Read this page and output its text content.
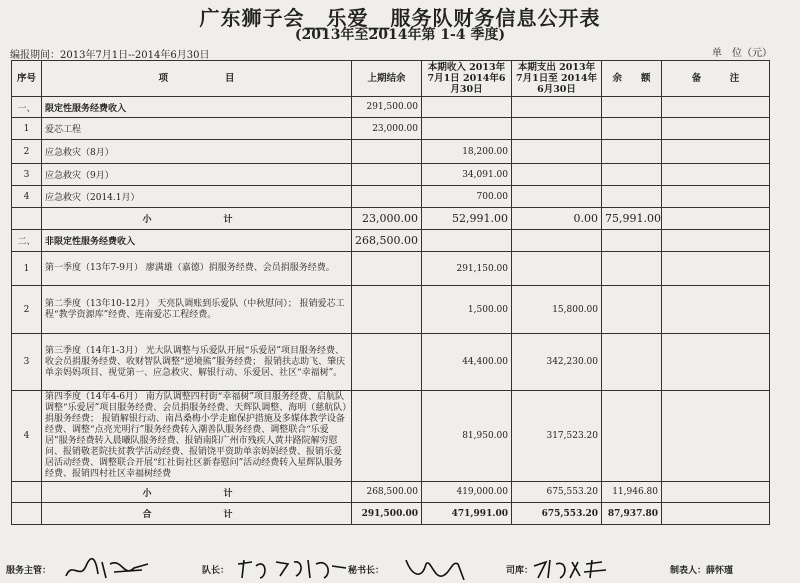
广东狮子会__乐爱__服务队财务信息公开表
(2013年至2014年第 1-4 季度)
编报期间：2013年7月1日--2014年6月30日	单　位（元）
序号	项　　　　　　目	上期结余	本期收入 2013年7月1日 2014年6月30日	本期支出 2013年7月1日至 2014年6月30日	余　　额	备　　　注
一、	限定性服务经费收入	291,500.00				
1	爱芯工程	23,000.00				
2	应急救灾（8月）		18,200.00			
3	应急救灾（9月）		34,091.00			
4	应急救灾（2014.1月）		700.00			
	小　　计	23,000.00	52,991.00	0.00	75,991.00	
二、	非限定性服务经费收入	268,500.00				
1	第一季度（13年7-9月） 廖满雄（嘉德）捐服务经费、会员捐服务经费。		291,150.00			
2	第二季度（13年10-12月） 天亮队调账到乐爱队（中秋慰问）； 报销爱芯工程“教学资源库”经费、连南爱芯工程经费。		1,500.00	15,800.00		
3	第三季度（14年1-3月） 光大队调整与乐爱队开展“乐爱居”项目服务经费、收会员捐服务经费、收财智队调整“逆境熊”服务经费； 报销扶志助飞、肇庆单亲妈妈项目、视觉第一、应急救灾、解银行动、乐爱居、社区“幸福树”。		44,400.00	342,230.00		
4	第四季度（14年4-6月） 南方队调整四村街“幸福树”项目服务经费、启航队调整“乐爱居”项目服务经费、会员捐服务经费、天辉队调整、海明（慈航队）捐服务经费； 报销解银行动、南昌桑梅小学走廊保护措施及多媒体教学设备经费、调整“点亮光明行”服务经费转入潮善队服务经费、调整联合“乐爱居”服务经费转入晨曦队服务经费、报销南阳广州市残疾人黄井路院解穷慰问、报销敬老院扶贫教学活动经费、报销饶平资助单亲妈妈经费、报销乐爱居活动经费、调整联合开展“红社街社区新春慰问”活动经费转入星辉队服务经费、报销四村社区幸福树经费		81,950.00	317,523.20		
	小　　计	268,500.00	419,000.00	675,553.20	11,946.80	
	合　　计	291,500.00	471,991.00	675,553.20	87,937.80	
服务主管：	队长：	秘书长：	司库：	制表人：薛怀瑾
